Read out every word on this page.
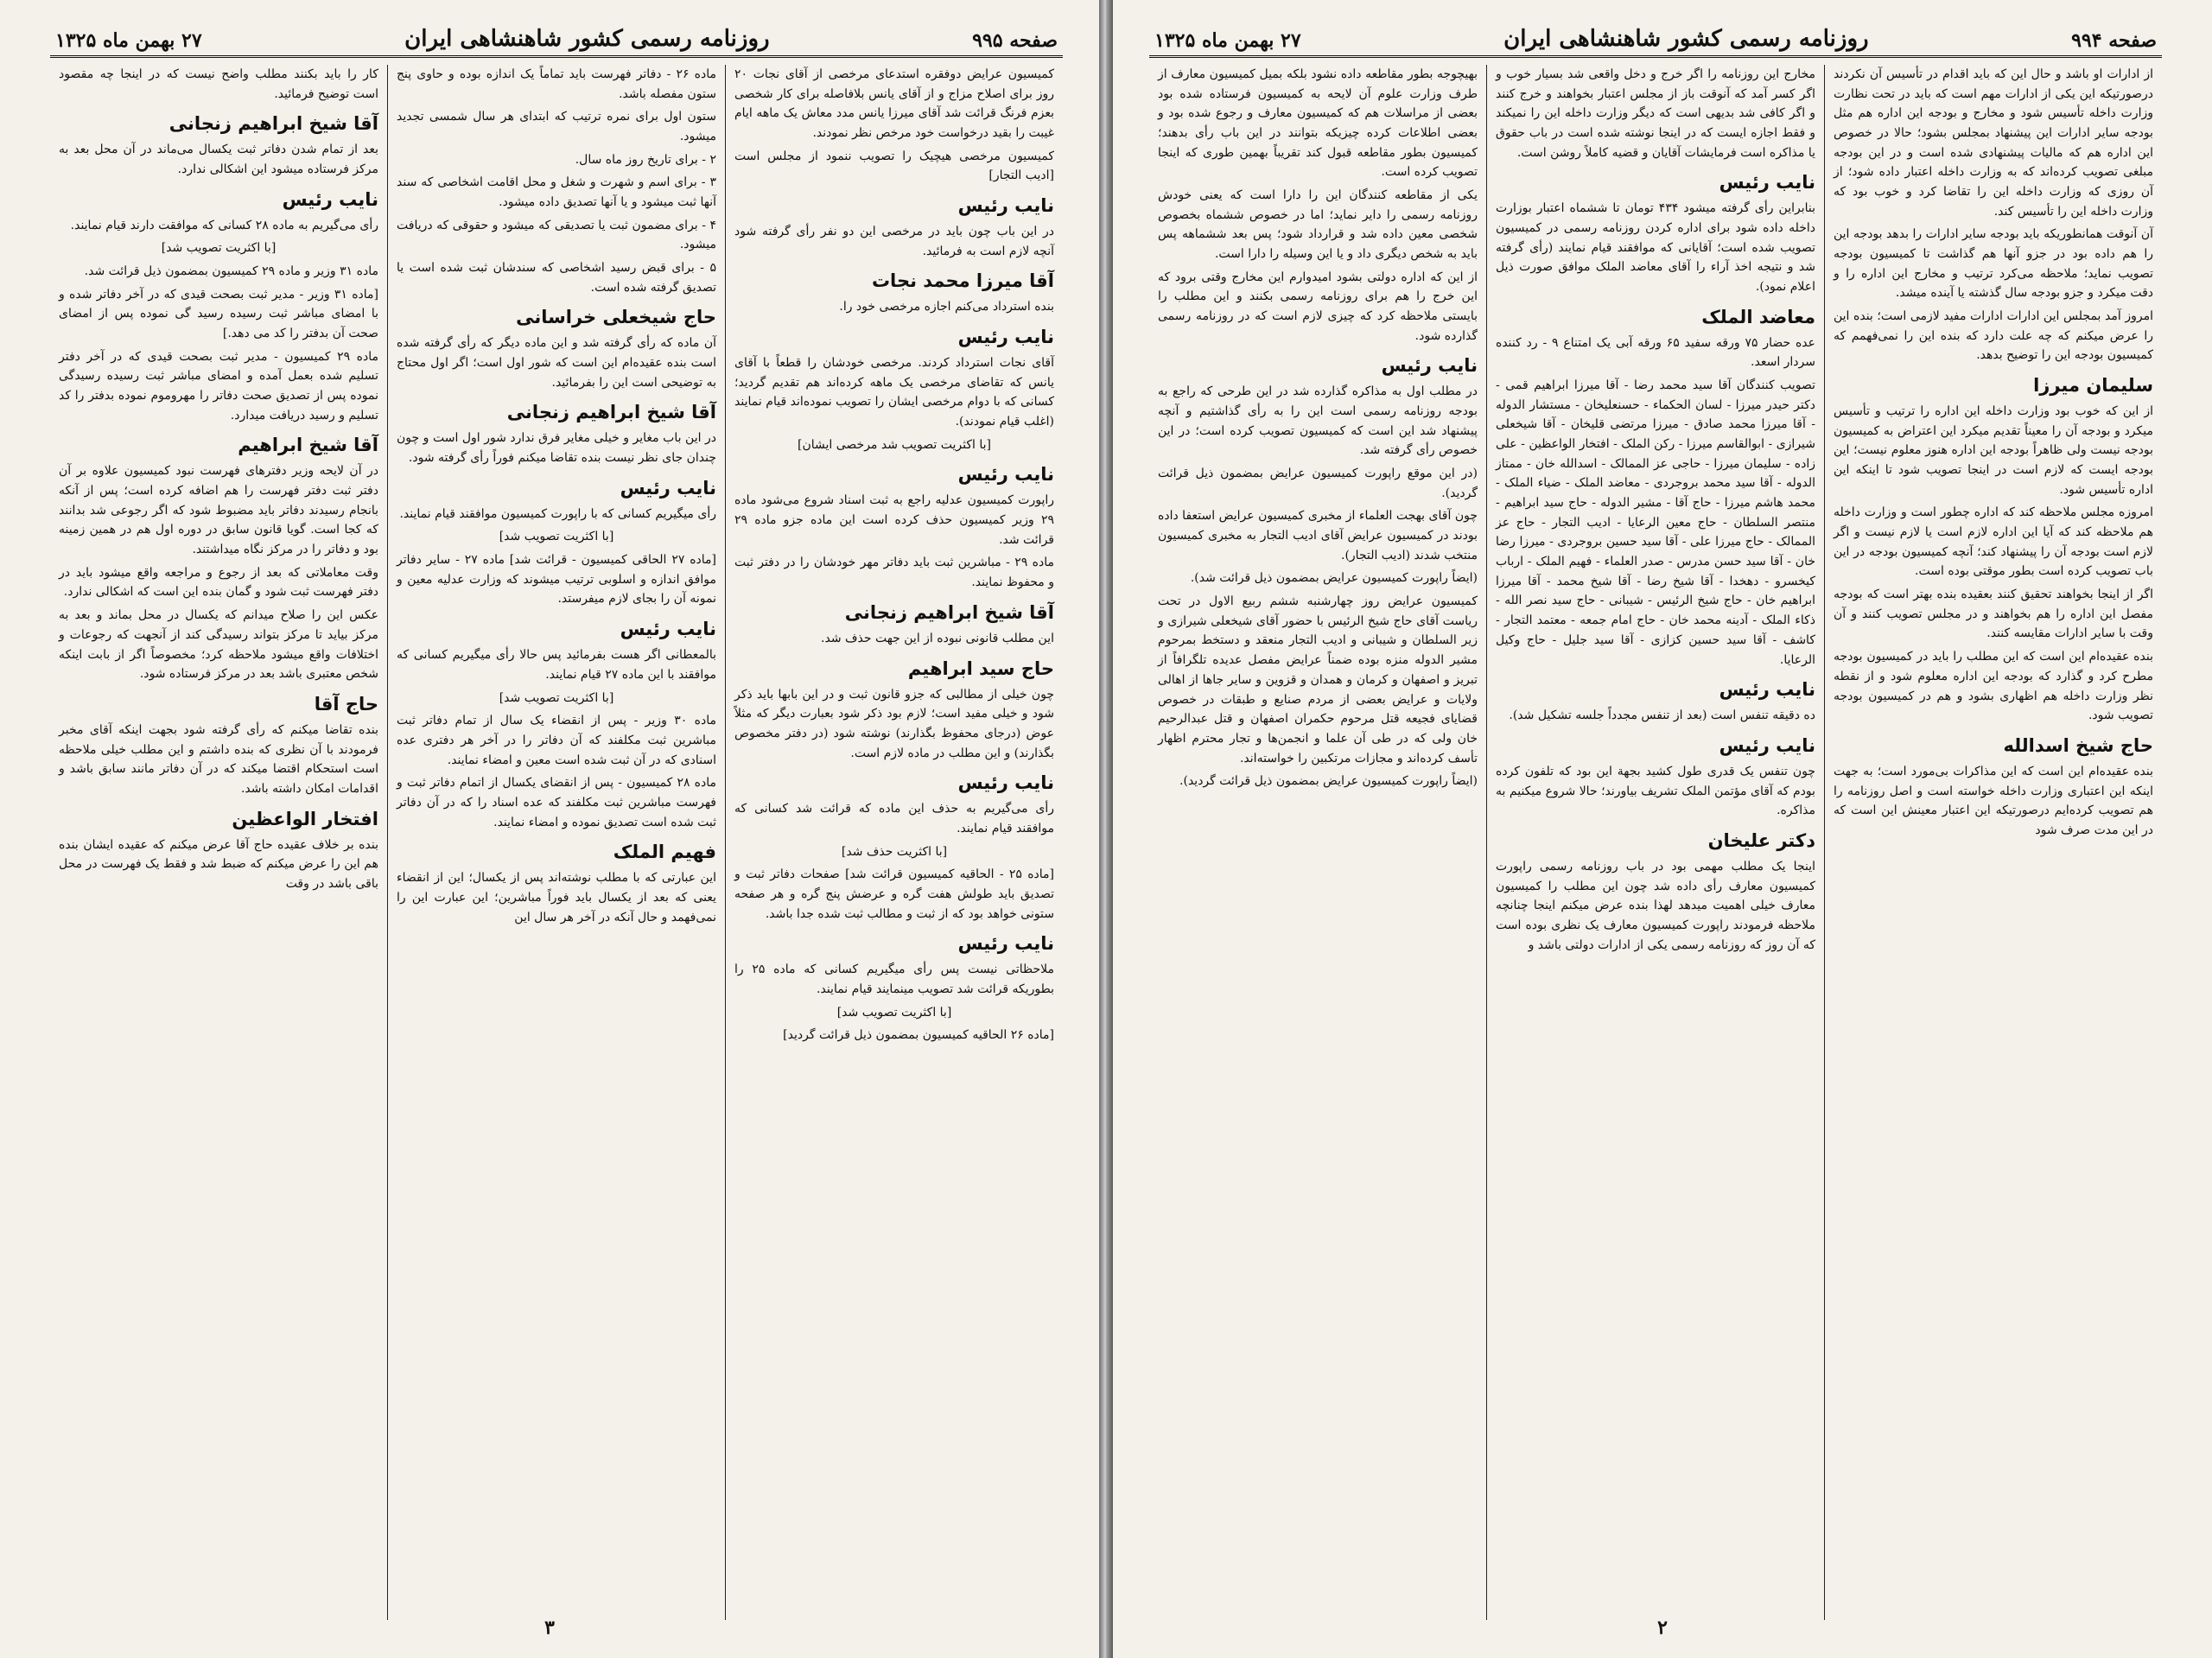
صفحه ۹۹۵
روزنامه رسمی کشور شاهنشاهی ایران
۲۷ بهمن ماه ۱۳۲۵

کمیسیون عرایض دوفقره استدعای مرخصی از آقای نجات ۲۰ روز برای اصلاح مزاج و از آقای یانس بلافاصله برای کار شخصی بعزم فرنگ قرائت شد آقای میرزا یانس مدد معاش یک ماهه ایام غیبت را بقید درخواست خود مرخص نظر نمودند.

کمیسیون مرخصی هیچیک را تصویب ننمود از مجلس است [ادیب التجار]

نایب رئیس

در این باب چون باید در مرخصی این دو نفر رأی گرفته شود آنچه لازم است به فرمائید.

آقا میرزا محمد نجات

بنده استرداد می‌کنم اجازه مرخصی خود را.

نایب رئیس

آقای نجات استرداد کردند. مرخصی خودشان را قطعاً با آقای یانس که تقاضای مرخصی یک ماهه کرده‌اند هم تقدیم گردید؛ کسانی که با دوام مرخصی ایشان را تصویب نموده‌اند قیام نمایند (اغلب قیام نمودند).

[با اکثریت تصویب شد مرخصی ایشان]
نایب رئیس

راپورت کمیسیون عدلیه راجع به ثبت اسناد شروع می‌شود ماده ۲۹ وزیر کمیسیون حذف کرده است این ماده جزو ماده ۲۹ قرائت شد.

ماده ۲۹ - مباشرین ثبت باید دفاتر مهر خودشان را در دفتر ثبت و محفوظ نمایند.

آقا شیخ ابراهیم زنجانی

این مطلب قانونی نبوده از این جهت حذف شد.

حاج سید ابراهیم

چون خیلی از مطالبی که جزو قانون ثبت و در این بابها باید ذکر شود و خیلی مفید است؛ لازم بود ذکر شود بعبارت دیگر که مثلاً عوض (درجای محفوظ بگذارند) نوشته شود (در دفتر مخصوص بگذارند) و این مطلب در ماده لازم است.

نایب رئیس

رأی می‌گیریم به حذف این ماده که قرائت شد کسانی که موافقند قیام نمایند.

[با اکثریت حذف شد]

[ماده ۲۵ - الحاقیه کمیسیون قرائت شد] صفحات دفاتر ثبت و تصدیق باید طولش هفت گره و عرضش پنج گره و هر صفحه ستونی خواهد بود که از ثبت و مطالب ثبت شده جدا باشد.

نایب رئیس

ملاحظاتی نیست پس رأی میگیریم کسانی که ماده ۲۵ را بطوریکه قرائت شد تصویب مینمایند قیام نمایند.

[با اکثریت تصویب شد]

[ماده ۲۶ الحاقیه کمیسیون بمضمون ذیل قرائت گردید]

ماده ۲۶ - دفاتر فهرست باید تماماً یک اندازه بوده و حاوی پنج ستون مفصله باشد.

ستون اول برای نمره ترتیب که ابتدای هر سال شمسی تجدید میشود.

۲ - برای تاریخ روز ماه سال.

۳ - برای اسم و شهرت و شغل و محل اقامت اشخاصی که سند آنها ثبت میشود و یا آنها تصدیق داده میشود.

۴ - برای مضمون ثبت یا تصدیقی که میشود و حقوقی که دریافت میشود.

۵ - برای قبض رسید اشخاصی که سندشان ثبت شده است یا تصدیق گرفته شده است.

حاج شیخعلی خراسانی

آن ماده که رأی گرفته شد و این ماده دیگر که رأی گرفته شده است بنده عقیده‌ام این است که شور اول است؛ اگر اول محتاج به توضیحی است این را بفرمائید.

آقا شیخ ابراهیم زنجانی

در این باب مغایر و خیلی مغایر فرق ندارد شور اول است و چون چندان جای نظر نیست بنده تقاضا میکنم فوراً رأی گرفته شود.

نایب رئیس

رأی میگیریم کسانی که با راپورت کمیسیون موافقند قیام نمایند.

[با اکثریت تصویب شد]

[ماده ۲۷ الحاقی کمیسیون - قرائت شد] ماده ۲۷ - سایر دفاتر موافق اندازه و اسلوبی ترتیب میشوند که وزارت عدلیه معین و نمونه آن را بجای لازم میفرستد.

نایب رئیس

بالمعطانی اگر هست بفرمائید پس حالا رأی میگیریم کسانی که موافقند با این ماده ۲۷ قیام نمایند.

[با اکثریت تصویب شد]

ماده ۳۰ وزیر - پس از انقضاء یک سال از تمام دفاتر ثبت مباشرین ثبت مکلفند که آن دفاتر را در آخر هر دفتری عده اسنادی که در آن ثبت شده است معین و امضاء نمایند.

ماده ۲۸ کمیسیون - پس از انقضای یکسال از اتمام دفاتر ثبت و فهرست مباشرین ثبت مکلفند که عده اسناد را که در آن دفاتر ثبت شده است تصدیق نموده و امضاء نمایند.

فهیم الملک

این عبارتی که با مطلب نوشته‌اند پس از یکسال؛ این از انقضاء یعنی که بعد از یکسال باید فوراً مباشرین؛ این عبارت این را نمی‌فهمد و حال آنکه در آخر هر سال این

کار را باید بکنند مطلب واضح نیست که در اینجا چه مقصود است توضیح فرمائید.

آقا شیخ ابراهیم زنجانی

بعد از تمام شدن دفاتر ثبت یکسال می‌ماند در آن محل بعد به مرکز فرستاده میشود این اشکالی ندارد.

نایب رئیس

رأی می‌گیریم به ماده ۲۸ کسانی که موافقت دارند قیام نمایند.

[با اکثریت تصویب شد]

ماده ۳۱ وزیر و ماده ۲۹ کمیسیون بمضمون ذیل قرائت شد.

[ماده ۳۱ وزیر - مدیر ثبت بصحت قیدی که در آخر دفاتر شده و با امضای مباشر ثبت رسیده رسید گی نموده پس از امضای صحت آن بدفتر را کد می دهد.]

ماده ۲۹ کمیسیون - مدیر ثبت بصحت قیدی که در آخر دفتر تسلیم شده بعمل آمده و امضای مباشر ثبت رسیده رسیدگی نموده پس از تصدیق صحت دفاتر را مهروموم نموده بدفتر را کد تسلیم و رسید دریافت میدارد.

آقا شیخ ابراهیم

در آن لایحه وزیر دفترهای فهرست نبود کمیسیون علاوه بر آن دفتر ثبت دفتر فهرست را هم اضافه کرده است؛ پس از آنکه بانجام رسیدند دفاتر باید مضبوط شود که اگر رجوعی شد بدانند که کجا است. گویا قانون سابق در دوره اول هم در همین زمینه بود و دفاتر را در مرکز نگاه میداشتند.

وقت معاملاتی که بعد از رجوع و مراجعه واقع میشود باید در دفتر فهرست ثبت شود و گمان بنده این است که اشکالی ندارد.

عکس این را صلاح میدانم که یکسال در محل بماند و بعد به مرکز بیاید تا مرکز بتواند رسیدگی کند از آنجهت که رجوعات و اختلافات واقع میشود ملاحظه کرد؛ مخصوصاً اگر از بابت اینکه شخص معتبری باشد بعد در مرکز فرستاده شود.

حاج آقا

بنده تقاضا میکنم که رأی گرفته شود بجهت اینکه آقای مخبر فرمودند با آن نظری که بنده داشتم و این مطلب خیلی ملاحظه است استحکام اقتضا میکند که در آن دفاتر مانند سابق باشد و اقدامات امکان داشته باشد.

افتخار الواعظین

بنده بر خلاف عقیده حاج آقا عرض میکنم که عقیده ایشان بنده هم این را عرض میکنم که ضبط شد و فقط یک فهرست در محل باقی باشد در وقت

۳
صفحه ۹۹۴
روزنامه رسمی کشور شاهنشاهی ایران
۲۷ بهمن ماه ۱۳۲۵

از ادارات او باشد و حال این که باید اقدام در تأسیس آن نکردند درصورتیکه این یکی از ادارات مهم است که باید در تحت نظارت وزارت داخله تأسیس شود و مخارج و بودجه این اداره هم مثل بودجه سایر ادارات این پیشنهاد بمجلس بشود؛ حالا در خصوص این اداره هم که مالیات پیشنهادی شده است و در این بودجه مبلغی تصویب کرده‌اند که به وزارت داخله اعتبار داده شود؛ از آن روزی که وزارت داخله این را تقاضا کرد و خوب بود که وزارت داخله این را تأسیس کند.

آن آنوقت همانطوریکه باید بودجه سایر ادارات را بدهد بودجه این را هم داده بود در جزو آنها هم گذاشت تا کمیسیون بودجه تصویب نماید؛ ملاحظه می‌کرد ترتیب و مخارج این اداره را و دقت میکرد و جزو بودجه سال گذشته یا آینده میشد.

امروز آمد بمجلس این ادارات ادارات مفید لازمی است؛ بنده این را عرض میکنم که چه علت دارد که بنده این را نمی‌فهمم که کمیسیون بودجه این را توضیح بدهد.

سلیمان میرزا

از این که خوب بود وزارت داخله این اداره را ترتیب و تأسیس میکرد و بودجه آن را معیناً تقدیم میکرد این اعتراض به کمیسیون بودجه نیست ولی ظاهراً بودجه این اداره هنوز معلوم نیست؛ این بودجه ایست که لازم است در اینجا تصویب شود تا اینکه این اداره تأسیس شود.

امروزه مجلس ملاحظه کند که اداره چطور است و وزارت داخله هم ملاحظه کند که آیا این اداره لازم است یا لازم نیست و اگر لازم است بودجه آن را پیشنهاد کند؛ آنچه کمیسیون بودجه در این باب تصویب کرده است بطور موقتی بوده است.

اگر از اینجا بخواهند تحقیق کنند بعقیده بنده بهتر است که بودجه مفصل این اداره را هم بخواهند و در مجلس تصویب کنند و آن وقت با سایر ادارات مقایسه کنند.

بنده عقیده‌ام این است که این مطلب را باید در کمیسیون بودجه مطرح کرد و گذارد که بودجه این اداره معلوم شود و از نقطه نظر وزارت داخله هم اظهاری بشود و هم در کمیسیون بودجه تصویب شود.

حاج شیخ اسدالله

بنده عقیده‌ام این است که این مذاکرات بی‌مورد است؛ به جهت اینکه این اعتباری وزارت داخله خواسته است و اصل روزنامه را هم تصویب کرده‌ایم درصورتیکه این اعتبار معینش این است که در این مدت صرف شود

مخارج این روزنامه را اگر خرج و دخل واقعی شد بسیار خوب و اگر کسر آمد که آنوقت باز از مجلس اعتبار بخواهند و خرج کنند و اگر کافی شد بدیهی است که دیگر وزارت داخله این را نمیکند و فقط اجازه ایست که در اینجا نوشته شده است در باب حقوق یا مذاکره است فرمایشات آقایان و قضیه کاملاً روشن است.

نایب رئیس

بنابراین رأی گرفته میشود ۴۳۴ تومان تا ششماه اعتبار بوزارت داخله داده شود برای اداره کردن روزنامه رسمی در کمیسیون تصویب شده است؛ آقایانی که موافقند قیام نمایند (رأی گرفته شد و نتیجه اخذ آراء را آقای معاضد الملک موافق صورت ذیل اعلام نمود).

معاضد الملک

عده حضار ۷۵ ورقه سفید ۶۵ ورقه آبی یک امتناع ۹ - رد کننده سردار اسعد.

تصویب کنندگان آقا سید محمد رضا - آقا میرزا ابراهیم قمی - دکتر حیدر میرزا - لسان الحکماء - حسنعلیخان - مستشار الدوله - آقا میرزا محمد صادق - میرزا مرتضی قلیخان - آقا شیخعلی شیرازی - ابوالقاسم میرزا - رکن الملک - افتخار الواعظین - علی زاده - سلیمان میرزا - حاجی عز الممالک - اسدالله خان - ممتاز الدوله - آقا سید محمد بروجردی - معاضد الملک - ضیاء الملک - محمد هاشم میرزا - حاج آقا - مشیر الدوله - حاج سید ابراهیم - منتصر السلطان - حاج معین الرعایا - ادیب التجار - حاج عز الممالک - حاج میرزا علی - آقا سید حسین بروجردی - میرزا رضا خان - آقا سید حسن مدرس - صدر العلماء - فهیم الملک - ارباب کیخسرو - دهخدا - آقا شیخ رضا - آقا شیخ محمد - آقا میرزا ابراهیم خان - حاج شیخ الرئیس - شیبانی - حاج سید نصر الله - ذکاء الملک - آدینه محمد خان - حاج امام جمعه - معتمد التجار - کاشف - آقا سید حسین کزازی - آقا سید جلیل - حاج وکیل الرعایا.

نایب رئیس

ده دقیقه تنفس است (بعد از تنفس مجدداً جلسه تشکیل شد).

نایب رئیس

چون تنفس یک قدری طول کشید بجهة این بود که تلفون کرده بودم که آقای مؤتمن الملک تشریف بیاورند؛ حالا شروع میکنیم به مذاکره.

دکتر علیخان

اینجا یک مطلب مهمی بود در باب روزنامه رسمی راپورت کمیسیون معارف رأی داده شد چون این مطلب را کمیسیون معارف خیلی اهمیت میدهد لهذا بنده عرض میکنم اینجا چنانچه ملاحظه فرمودند راپورت کمیسیون معارف یک نظری بوده است که آن روز که روزنامه رسمی یکی از ادارات دولتی باشد و

بهیچوجه بطور مقاطعه داده نشود بلکه بمیل کمیسیون معارف از طرف وزارت علوم آن لایحه به کمیسیون فرستاده شده بود بعضی از مراسلات هم که کمیسیون معارف و رجوع شده بود و بعضی اطلاعات کرده چیزیکه بتوانند در این باب رأی بدهند؛ کمیسیون بطور مقاطعه قبول کند تقریباً بهمین طوری که اینجا تصویب کرده است.

یکی از مقاطعه کنندگان این را دارا است که یعنی خودش روزنامه رسمی را دایر نماید؛ اما در خصوص ششماه بخصوص شخصی معین داده شد و قرارداد شود؛ پس بعد ششماهه پس باید به شخص دیگری داد و یا این وسیله را دارا است.

از این که اداره دولتی بشود امیدوارم این مخارج وقتی برود که این خرج را هم برای روزنامه رسمی بکنند و این مطلب را بایستی ملاحظه کرد که چیزی لازم است که در روزنامه رسمی گذارده شود.

نایب رئیس

در مطلب اول به مذاکره گذارده شد در این طرحی که راجع به بودجه روزنامه رسمی است این را به رأی گذاشتیم و آنچه پیشنهاد شد این است که کمیسیون تصویب کرده است؛ در این خصوص رأی گرفته شد.

(در این موقع راپورت کمیسیون عرایض بمضمون ذیل قرائت گردید).

چون آقای بهجت العلماء از مخبری کمیسیون عرایض استعفا داده بودند در کمیسیون عرایض آقای ادیب التجار به مخبری کمیسیون منتخب شدند (ادیب التجار).

(ایضاً راپورت کمیسیون عرایض بمضمون ذیل قرائت شد).

کمیسیون عرایض روز چهارشنبه ششم ربیع الاول در تحت ریاست آقای حاج شیخ الرئیس با حضور آقای شیخعلی شیرازی و زیر السلطان و شیبانی و ادیب التجار منعقد و دستخط بمرحوم مشیر الدوله منزه بوده ضمناً عرایض مفصل عدیده تلگرافاً از تبریز و اصفهان و کرمان و همدان و قزوین و سایر جاها از اهالی ولایات و عرایض بعضی از مردم صنایع و طبقات در خصوص قضایای فجیعه قتل مرحوم حکمران اصفهان و قتل عبدالرحیم خان ولی که در طی آن علما و انجمن‌ها و تجار محترم اظهار تأسف کرده‌اند و مجازات مرتکبین را خواسته‌اند.

(ایضاً راپورت کمیسیون عرایض بمضمون ذیل قرائت گردید).

۲
